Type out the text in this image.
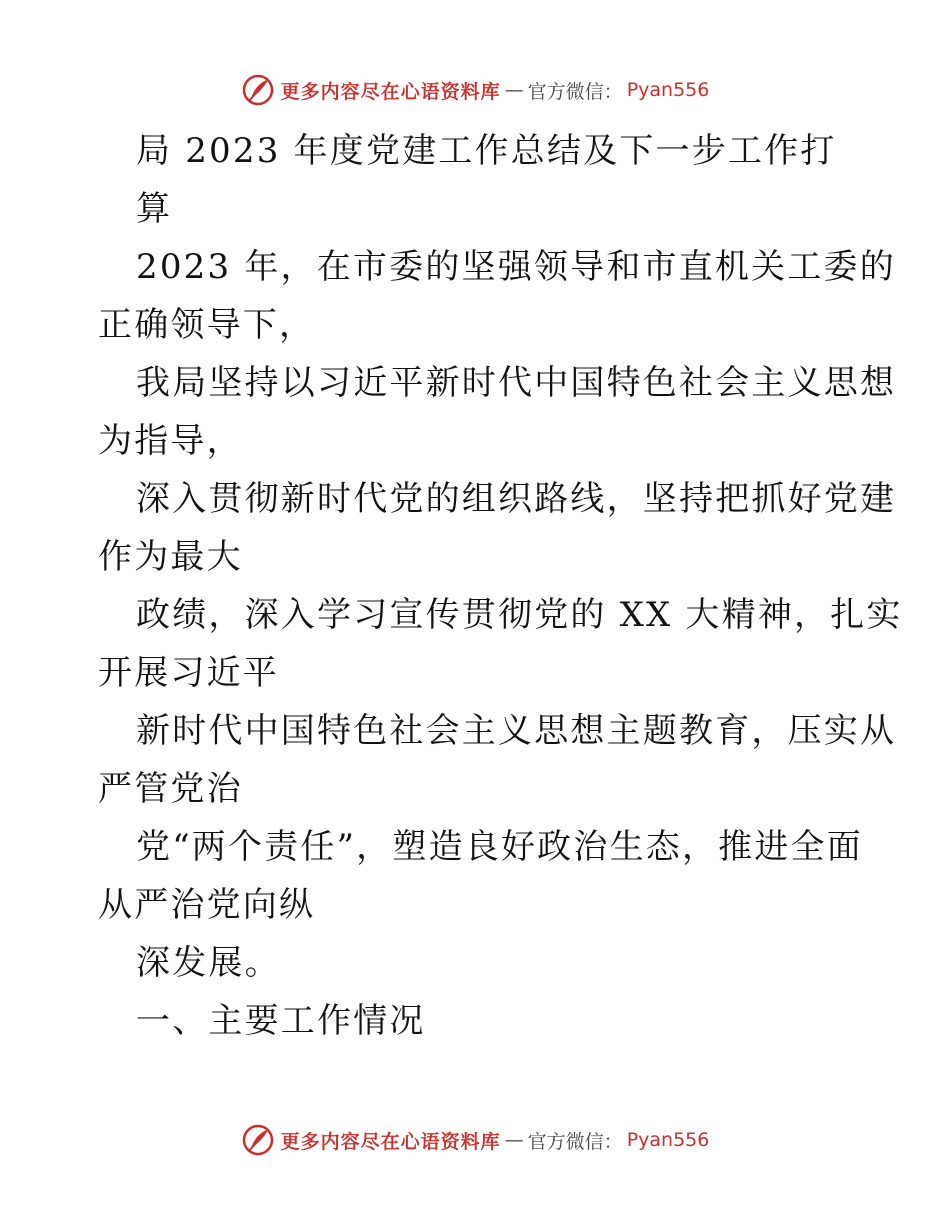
更多内容尽在心语资料库 — 官方微信： Pyan556
局 2023 年度党建工作总结及下一步工作打
算
2023 年，在市委的坚强领导和市直机关工委的
正确领导下，
我局坚持以习近平新时代中国特色社会主义思想
为指导，
深入贯彻新时代党的组织路线，坚持把抓好党建
作为最大
政绩，深入学习宣传贯彻党的 XX 大精神，扎实
开展习近平
新时代中国特色社会主义思想主题教育，压实从
严管党治
党“两个责任”，塑造良好政治生态，推进全面
从严治党向纵
深发展。
一、主要工作情况
更多内容尽在心语资料库 — 官方微信： Pyan556
